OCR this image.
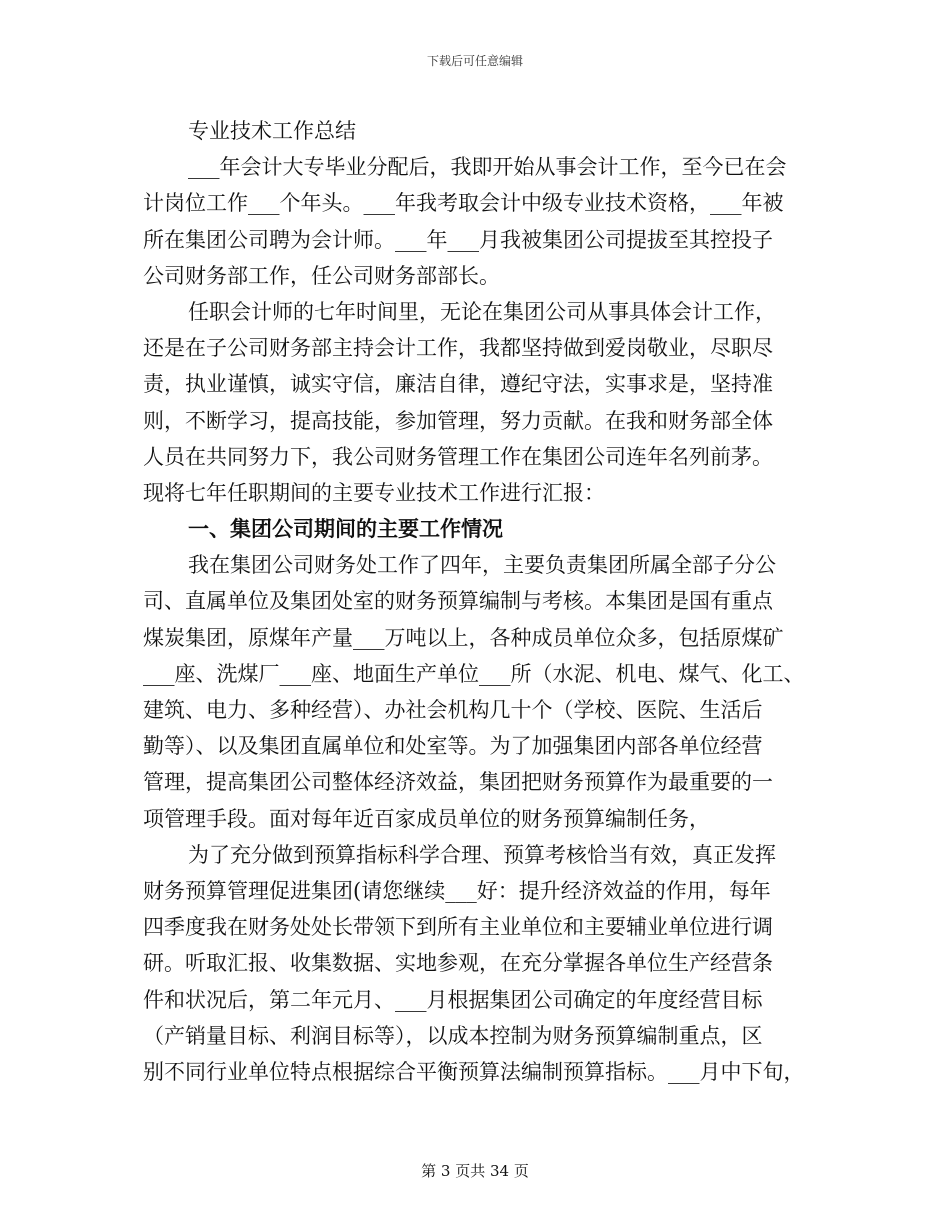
下载后可任意编辑
专业技术工作总结
___年会计大专毕业分配后，我即开始从事会计工作，至今已在会
计岗位工作___个年头。___年我考取会计中级专业技术资格，___年被
所在集团公司聘为会计师。___年___月我被集团公司提拔至其控投子
公司财务部工作，任公司财务部部长。
任职会计师的七年时间里，无论在集团公司从事具体会计工作，
还是在子公司财务部主持会计工作，我都坚持做到爱岗敬业，尽职尽
责，执业谨慎，诚实守信，廉洁自律，遵纪守法，实事求是，坚持准
则，不断学习，提高技能，参加管理，努力贡献。在我和财务部全体
人员在共同努力下，我公司财务管理工作在集团公司连年名列前茅。
现将七年任职期间的主要专业技术工作进行汇报：
一、集团公司期间的主要工作情况
我在集团公司财务处工作了四年，主要负责集团所属全部子分公
司、直属单位及集团处室的财务预算编制与考核。本集团是国有重点
煤炭集团，原煤年产量___万吨以上，各种成员单位众多，包括原煤矿
___座、洗煤厂___座、地面生产单位___所（水泥、机电、煤气、化工、
建筑、电力、多种经营）、办社会机构几十个（学校、医院、生活后
勤等）、以及集团直属单位和处室等。为了加强集团内部各单位经营
管理，提高集团公司整体经济效益，集团把财务预算作为最重要的一
项管理手段。面对每年近百家成员单位的财务预算编制任务，
为了充分做到预算指标科学合理、预算考核恰当有效，真正发挥
财务预算管理促进集团(请您继续___好：提升经济效益的作用，每年
四季度我在财务处处长带领下到所有主业单位和主要辅业单位进行调
研。听取汇报、收集数据、实地参观，在充分掌握各单位生产经营条
件和状况后，第二年元月、___月根据集团公司确定的年度经营目标
（产销量目标、利润目标等），以成本控制为财务预算编制重点，区
别不同行业单位特点根据综合平衡预算法编制预算指标。___月中下旬，
第 3 页共 34 页
